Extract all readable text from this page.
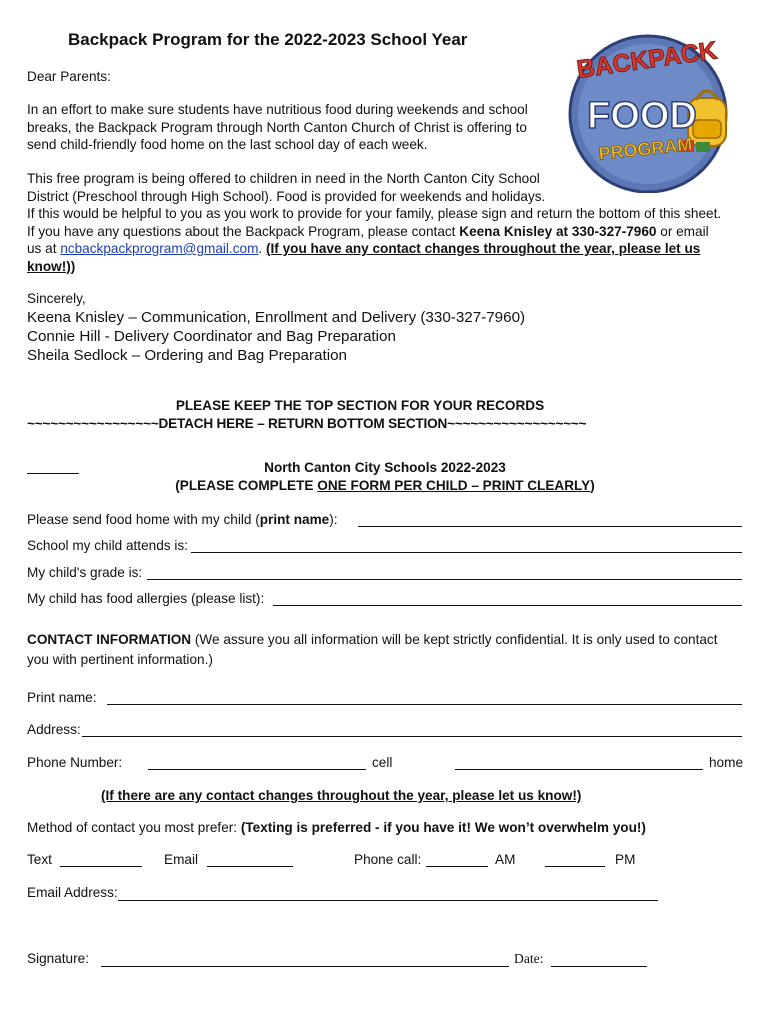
Backpack Program for the 2022-2023 School Year	BACKPACK
FOOD
PROGRAM
Dear Parents:
In an effort to make sure students have nutritious food during weekends and school
breaks, the Backpack Program through North Canton Church of Christ is offering to
send child-friendly food home on the last school day of each week.
This free program is being offered to children in need in the North Canton City School
District (Preschool through High School). Food is provided for weekends and holidays.
If this would be helpful to you as you work to provide for your family, please sign and return the bottom of this sheet.
If you have any questions about the Backpack Program, please contact Keena Knisley at 330-327-7960 or email
us at ncbackpackprogram@gmail.com. (If you have any contact changes throughout the year, please let us
know!))
Sincerely,
Keena Knisley – Communication, Enrollment and Delivery (330-327-7960)
Connie Hill - Delivery Coordinator and Bag Preparation
Sheila Sedlock – Ordering and Bag Preparation
PLEASE KEEP THE TOP SECTION FOR YOUR RECORDS
~~~~~~~~~~~~~~~~~DETACH HERE – RETURN BOTTOM SECTION~~~~~~~~~~~~~~~~~~
North Canton City Schools 2022-2023
(PLEASE COMPLETE ONE FORM PER CHILD – PRINT CLEARLY)
Please send food home with my child (print name):
School my child attends is:
My child's grade is:
My child has food allergies (please list):
CONTACT INFORMATION (We assure you all information will be kept strictly confidential. It is only used to contact
you with pertinent information.)
Print name:
Address:
Phone Number:	cell	home
(If there are any contact changes throughout the year, please let us know!)
Method of contact you most prefer: (Texting is preferred - if you have it! We won’t overwhelm you!)
Text	Email	Phone call:	AM	PM
Email Address:
Signature:	Date:
